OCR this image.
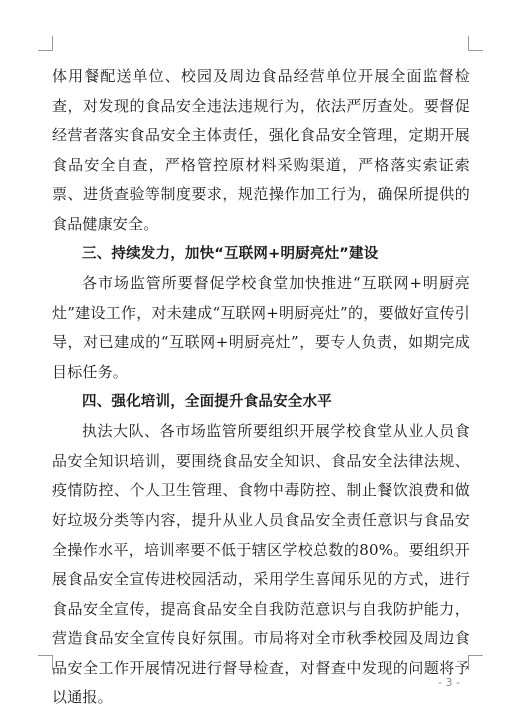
体用餐配送单位、校园及周边食品经营单位开展全面监督检查，对发现的食品安全违法违规行为，依法严厉查处。要督促经营者落实食品安全主体责任，强化食品安全管理，定期开展食品安全自查，严格管控原材料采购渠道，严格落实索证索票、进货查验等制度要求，规范操作加工行为，确保所提供的食品健康安全。

三、持续发力，加快“互联网+明厨亮灶”建设

各市场监管所要督促学校食堂加快推进“互联网+明厨亮灶”建设工作，对未建成“互联网+明厨亮灶”的，要做好宣传引导，对已建成的“互联网+明厨亮灶”，要专人负责，如期完成目标任务。

四、强化培训，全面提升食品安全水平

执法大队、各市场监管所要组织开展学校食堂从业人员食品安全知识培训，要围绕食品安全知识、食品安全法律法规、疫情防控、个人卫生管理、食物中毒防控、制止餐饮浪费和做好垃圾分类等内容，提升从业人员食品安全责任意识与食品安全操作水平，培训率要不低于辖区学校总数的80%。要组织开展食品安全宣传进校园活动，采用学生喜闻乐见的方式，进行食品安全宣传，提高食品安全自我防范意识与自我防护能力，营造食品安全宣传良好氛围。市局将对全市秋季校园及周边食品安全工作开展情况进行督导检查，对督查中发现的问题将予以通报。

- 3 -
